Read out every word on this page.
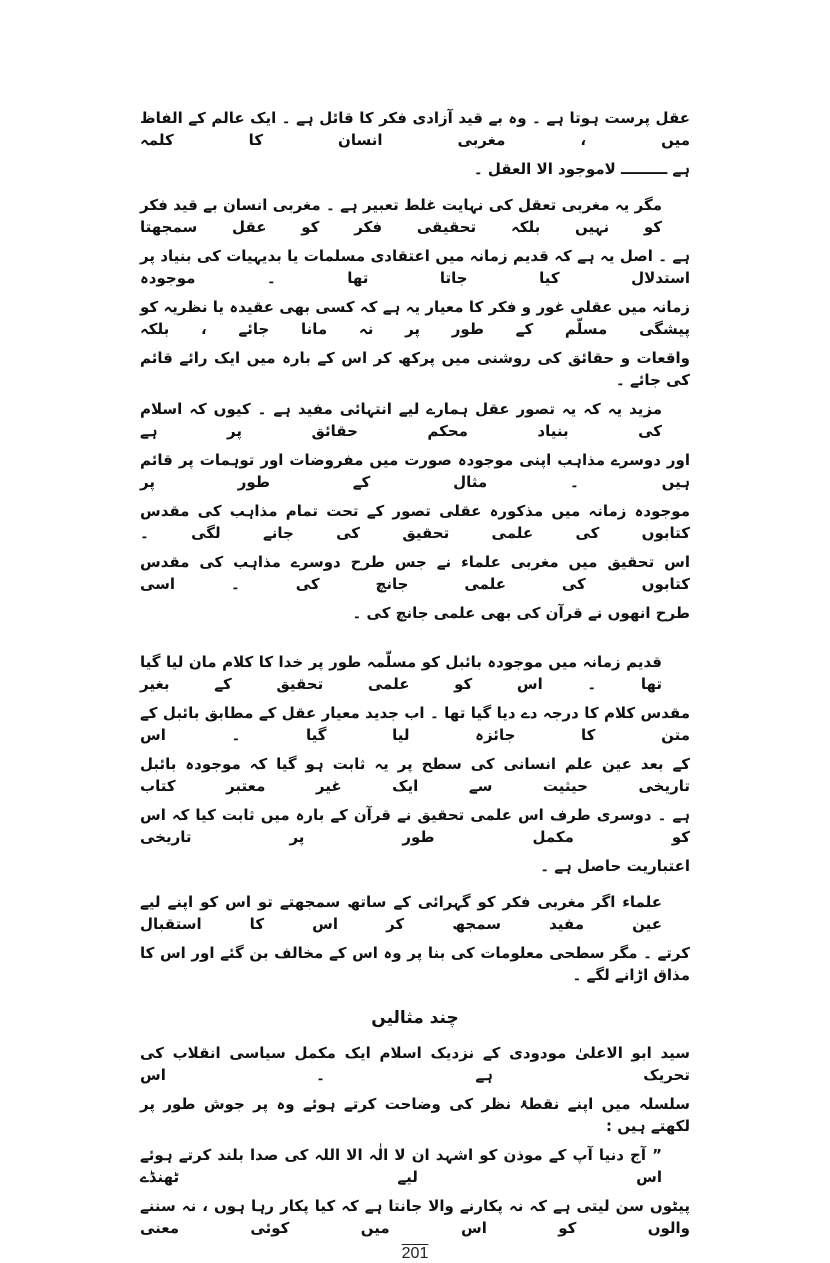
عقل پرست ہوتا ہے ۔ وہ بے قید آزادی فکر کا قائل ہے ۔ ایک عالم کے الفاظ میں ، مغربی انسان کا کلمہ
ہے ـــــــــ لاموجود الا العقل ۔
مگر یہ مغربی تعقل کی نہایت غلط تعبیر ہے ۔ مغربی انسان بے قید فکر کو نہیں بلکہ تحقیقی فکر کو عقل سمجھتا
ہے ۔ اصل یہ ہے کہ قدیم زمانہ میں اعتقادی مسلمات یا بدیہیات کی بنیاد پر استدلال کیا جاتا تھا ۔ موجودہ
زمانہ میں عقلی غور و فکر کا معیار یہ ہے کہ کسی بھی عقیدہ یا نظریہ کو پیشگی مسلّم کے طور پر نہ مانا جائے ، بلکہ
واقعات و حقائق کی روشنی میں پرکھ کر اس کے بارہ میں ایک رائے قائم کی جائے ۔
مزید یہ کہ یہ تصور عقل ہمارے لیے انتہائی مفید ہے ۔ کیوں کہ اسلام کی بنیاد محکم حقائق پر ہے
اور دوسرے مذاہب اپنی موجودہ صورت میں مفروضات اور توہمات پر قائم ہیں ۔ مثال کے طور پر
موجودہ زمانہ میں مذکورہ عقلی تصور کے تحت تمام مذاہب کی مقدس کتابوں کی علمی تحقیق کی جانے لگی ۔
اس تحقیق میں مغربی علماء نے جس طرح دوسرے مذاہب کی مقدس کتابوں کی علمی جانچ کی ۔ اسی
طرح انھوں نے قرآن کی بھی علمی جانچ کی ۔
قدیم زمانہ میں موجودہ بائبل کو مسلّمہ طور پر خدا کا کلام مان لیا گیا تھا ۔ اس کو علمی تحقیق کے بغیر
مقدس کلام کا درجہ دے دیا گیا تھا ۔ اب جدید معیار عقل کے مطابق بائبل کے متن کا جائزہ لیا گیا ۔ اس
کے بعد عین علم انسانی کی سطح پر یہ ثابت ہو گیا کہ موجودہ بائبل تاریخی حیثیت سے ایک غیر معتبر کتاب
ہے ۔ دوسری طرف اس علمی تحقیق نے قرآن کے بارہ میں ثابت کیا کہ اس کو مکمل طور پر تاریخی
اعتباریت حاصل ہے ۔
علماء اگر مغربی فکر کو گہرائی کے ساتھ سمجھتے تو اس کو اپنے لیے عین مفید سمجھ کر اس کا استقبال
کرتے ۔ مگر سطحی معلومات کی بنا پر وہ اس کے مخالف بن گئے اور اس کا مذاق اڑانے لگے ۔
چند مثالیں
سید ابو الاعلیٰ مودودی کے نزدیک اسلام ایک مکمل سیاسی انقلاب کی تحریک ہے ۔ اس
سلسلہ میں اپنے نقطۂ نظر کی وضاحت کرتے ہوئے وہ پر جوش طور پر لکھتے ہیں :
” آج دنیا آپ کے موذن کو اشہد ان لا الٰہ الا اللہ کی صدا بلند کرتے ہوئے اس لیے ٹھنڈے
پیٹوں سن لیتی ہے کہ نہ پکارنے والا جانتا ہے کہ کیا پکار رہا ہوں ، نہ سننے والوں کو اس میں کوئی معنی
201
